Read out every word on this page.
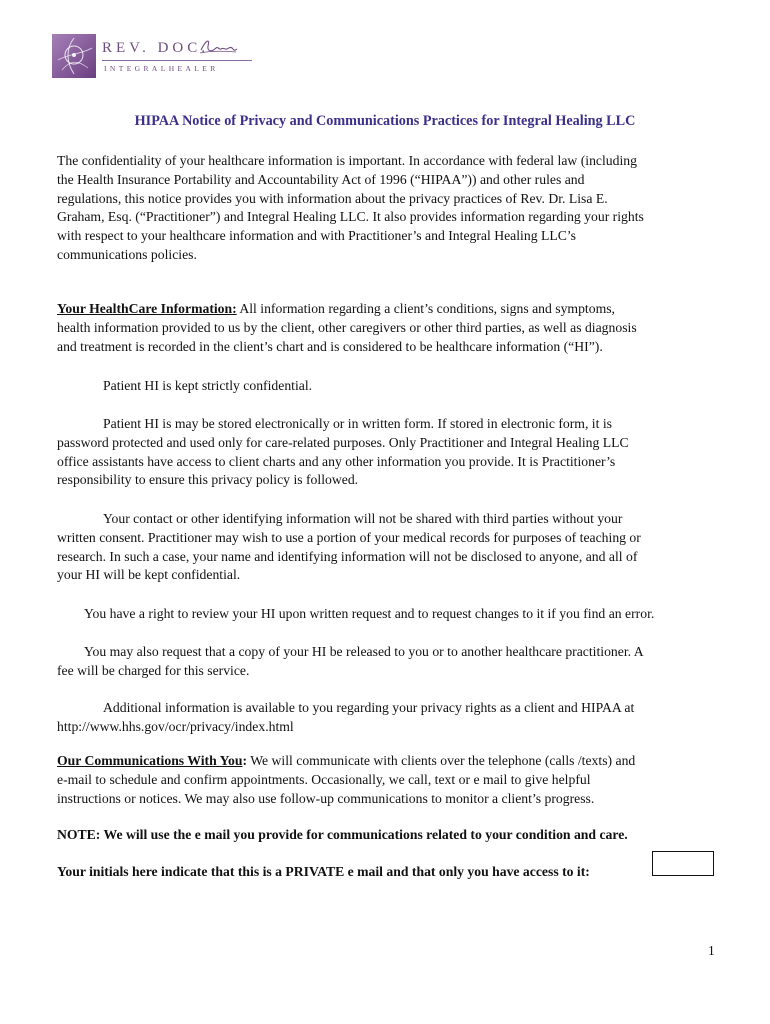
REV. DOC.
INTEGRALHEALER
HIPAA Notice of Privacy and Communications Practices for Integral Healing LLC
The confidentiality of your healthcare information is important. In accordance with federal law (including
the Health Insurance Portability and Accountability Act of 1996 (“HIPAA”)) and other rules and
regulations, this notice provides you with information about the privacy practices of Rev. Dr. Lisa E.
Graham, Esq. (“Practitioner”) and Integral Healing LLC. It also provides information regarding your rights
with respect to your healthcare information and with Practitioner’s and Integral Healing LLC’s
communications policies.
Your HealthCare Information: All information regarding a client’s conditions, signs and symptoms,
health information provided to us by the client, other caregivers or other third parties, as well as diagnosis
and treatment is recorded in the client’s chart and is considered to be healthcare information (“HI”).
Patient HI is kept strictly confidential.
Patient HI is may be stored electronically or in written form. If stored in electronic form, it is
password protected and used only for care-related purposes. Only Practitioner and Integral Healing LLC
office assistants have access to client charts and any other information you provide. It is Practitioner’s
responsibility to ensure this privacy policy is followed.
Your contact or other identifying information will not be shared with third parties without your
written consent. Practitioner may wish to use a portion of your medical records for purposes of teaching or
research. In such a case, your name and identifying information will not be disclosed to anyone, and all of
your HI will be kept confidential.
You have a right to review your HI upon written request and to request changes to it if you find an error.
You may also request that a copy of your HI be released to you or to another healthcare practitioner. A
fee will be charged for this service.
Additional information is available to you regarding your privacy rights as a client and HIPAA at
http://www.hhs.gov/ocr/privacy/index.html
Our Communications With You: We will communicate with clients over the telephone (calls /texts) and
e-mail to schedule and confirm appointments. Occasionally, we call, text or e mail to give helpful
instructions or notices. We may also use follow-up communications to monitor a client’s progress.
NOTE: We will use the e mail you provide for communications related to your condition and care.
Your initials here indicate that this is a PRIVATE e mail and that only you have access to it:
1
